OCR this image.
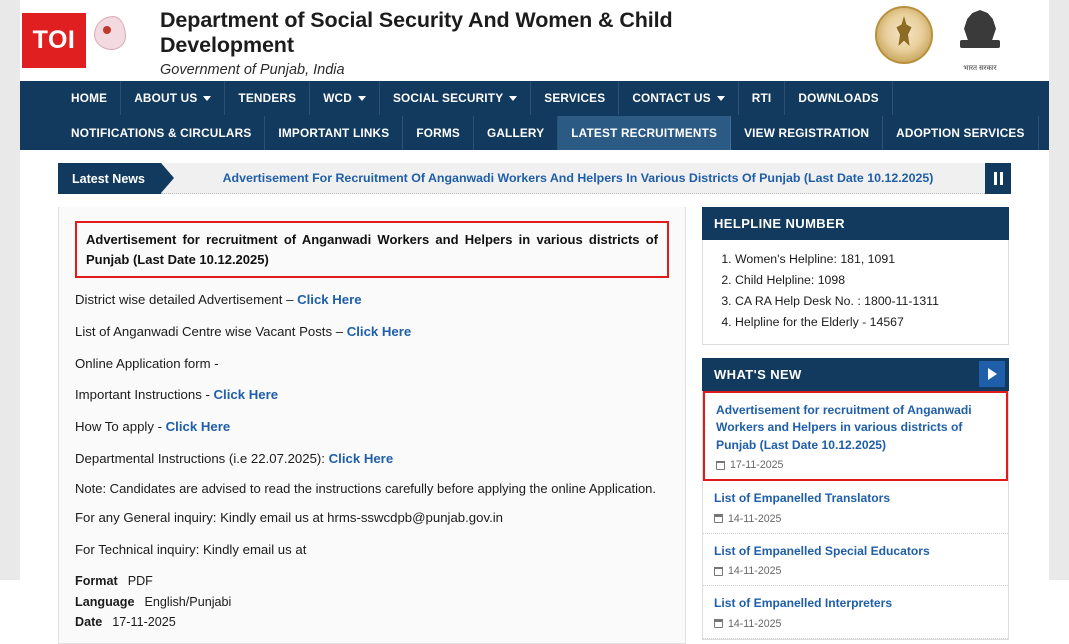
TOI
Department of Social Security And Women & Child Development
Government of Punjab, India	भारत सरकार
HOME ABOUT US	TENDERS WCD	SOCIAL SECURITY	SERVICES CONTACT US	RTI DOWNLOADS
NOTIFICATIONS & CIRCULARS IMPORTANT LINKS FORMS GALLERY LATEST RECRUITMENTS VIEW REGISTRATION ADOPTION SERVICES
Latest News	Advertisement For Recruitment Of Anganwadi Workers And Helpers In Various Districts Of Punjab (Last Date 10.12.2025)
Advertisement for recruitment of Anganwadi Workers and Helpers in various districts of Punjab (Last Date 10.12.2025)
District wise detailed Advertisement – Click Here
List of Anganwadi Centre wise Vacant Posts – Click Here
Online Application form -
Important Instructions - Click Here
How To apply - Click Here
Departmental Instructions (i.e 22.07.2025): Click Here
Note: Candidates are advised to read the instructions carefully before applying the online Application.
For any General inquiry: Kindly email us at hrms-sswcdpb@punjab.gov.in
For Technical inquiry: Kindly email us at
Format PDF
Language English/Punjabi
Date 17-11-2025
HELPLINE NUMBER
1. Women's Helpline: 181, 1091
2. Child Helpline: 1098
3. CA RA Help Desk No. : 1800-11-1311
4. Helpline for the Elderly - 14567
WHAT'S NEW
Advertisement for recruitment of Anganwadi Workers and Helpers in various districts of Punjab (Last Date 10.12.2025)
17-11-2025
List of Empanelled Translators
14-11-2025
List of Empanelled Special Educators
14-11-2025
List of Empanelled Interpreters
14-11-2025
